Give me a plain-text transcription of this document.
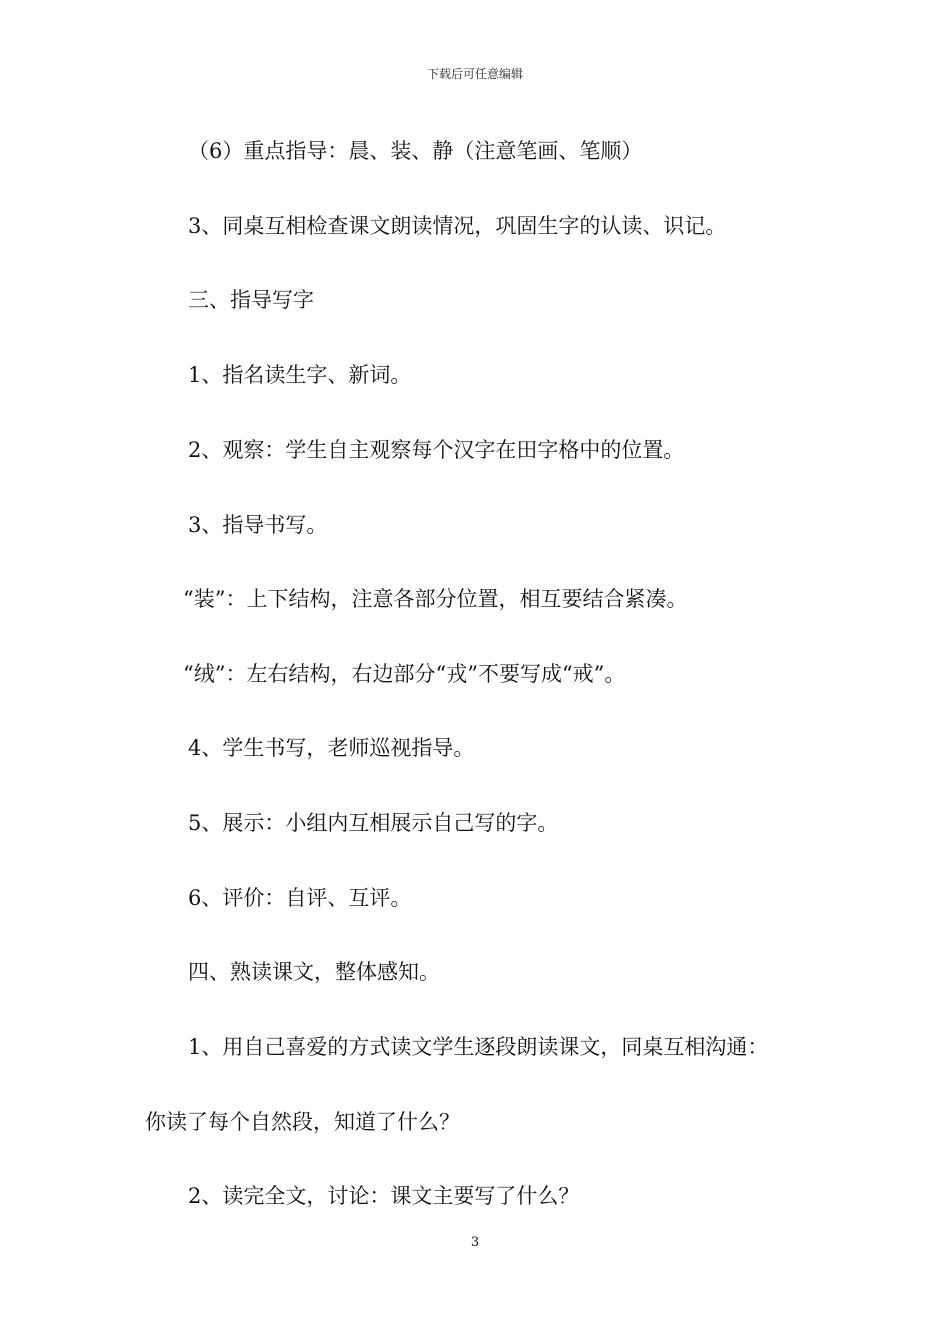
下载后可任意编辑
（6）重点指导：晨、装、静（注意笔画、笔顺）
3、同桌互相检查课文朗读情况，巩固生字的认读、识记。
三、指导写字
1、指名读生字、新词。
2、观察：学生自主观察每个汉字在田字格中的位置。
3、指导书写。
“装”：上下结构，注意各部分位置，相互要结合紧凑。
“绒”：左右结构，右边部分“戎”不要写成“戒”。
4、学生书写，老师巡视指导。
5、展示：小组内互相展示自己写的字。
6、评价：自评、互评。
四、熟读课文，整体感知。
1、用自己喜爱的方式读文学生逐段朗读课文，同桌互相沟通：
你读了每个自然段，知道了什么？
2、读完全文，讨论：课文主要写了什么？
3
